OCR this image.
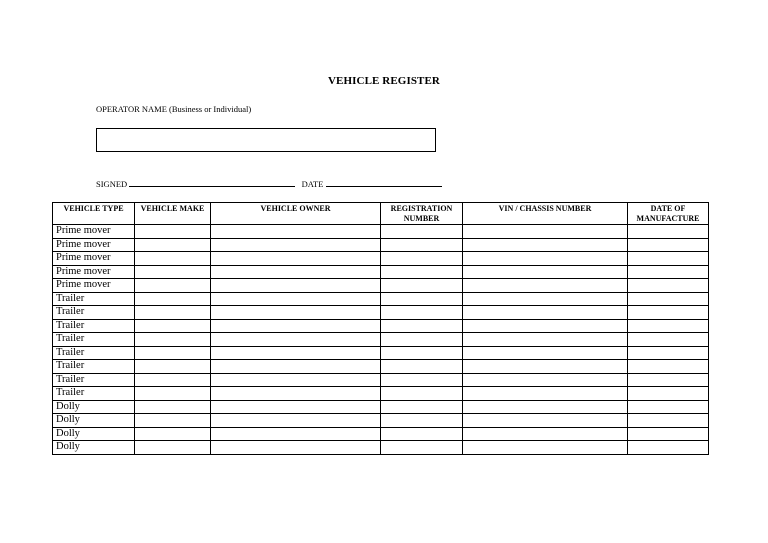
VEHICLE REGISTER
OPERATOR NAME (Business or Individual)
SIGNED	DATE
VEHICLE TYPE	VEHICLE MAKE	VEHICLE OWNER	REGISTRATION NUMBER	VIN / CHASSIS NUMBER	DATE OF MANUFACTURE
Prime mover					
Prime mover					
Prime mover					
Prime mover					
Prime mover					
Trailer					
Trailer					
Trailer					
Trailer					
Trailer					
Trailer					
Trailer					
Trailer					
Dolly					
Dolly					
Dolly					
Dolly					
